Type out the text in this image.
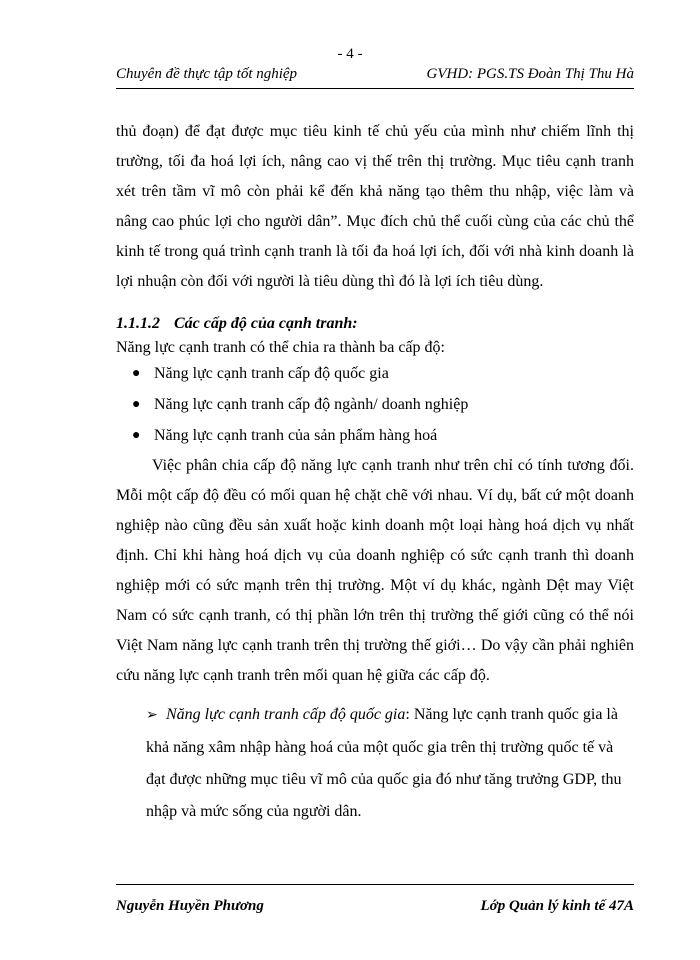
- 4 -
Chuyên đề thực tập tốt nghiệp	GVHD: PGS.TS Đoàn Thị Thu Hà

thủ đoạn) để đạt được mục tiêu kinh tế chủ yếu của mình như chiếm lĩnh thị trường, tối đa hoá lợi ích, nâng cao vị thế trên thị trường. Mục tiêu cạnh tranh xét trên tầm vĩ mô còn phải kể đến khả năng tạo thêm thu nhập, việc làm và nâng cao phúc lợi cho người dân”. Mục đích chủ thể cuối cùng của các chủ thể kinh tế trong quá trình cạnh tranh là tối đa hoá lợi ích, đối với nhà kinh doanh là lợi nhuận còn đối với người là tiêu dùng thì đó là lợi ích tiêu dùng.

1.1.1.2 Các cấp độ của cạnh tranh:

Năng lực cạnh tranh có thể chia ra thành ba cấp độ:

● Năng lực cạnh tranh cấp độ quốc gia
● Năng lực cạnh tranh cấp độ ngành/ doanh nghiệp
● Năng lực cạnh tranh của sản phẩm hàng hoá

Việc phân chia cấp độ năng lực cạnh tranh như trên chỉ có tính tương đối. Mỗi một cấp độ đều có mối quan hệ chặt chẽ với nhau. Ví dụ, bất cứ một doanh nghiệp nào cũng đều sản xuất hoặc kinh doanh một loại hàng hoá dịch vụ nhất định. Chỉ khi hàng hoá dịch vụ của doanh nghiệp có sức cạnh tranh thì doanh nghiệp mới có sức mạnh trên thị trường. Một ví dụ khác, ngành Dệt may Việt Nam có sức cạnh tranh, có thị phần lớn trên thị trường thế giới cũng có thể nói Việt Nam năng lực cạnh tranh trên thị trường thế giới… Do vậy cần phải nghiên cứu năng lực cạnh tranh trên mối quan hệ giữa các cấp độ.

➢ Năng lực cạnh tranh cấp độ quốc gia: Năng lực cạnh tranh quốc gia là khả năng xâm nhập hàng hoá của một quốc gia trên thị trường quốc tế và đạt được những mục tiêu vĩ mô của quốc gia đó như tăng trưởng GDP, thu nhập và mức sống của người dân.

Nguyễn Huyền Phương	Lớp Quản lý kinh tế 47A
